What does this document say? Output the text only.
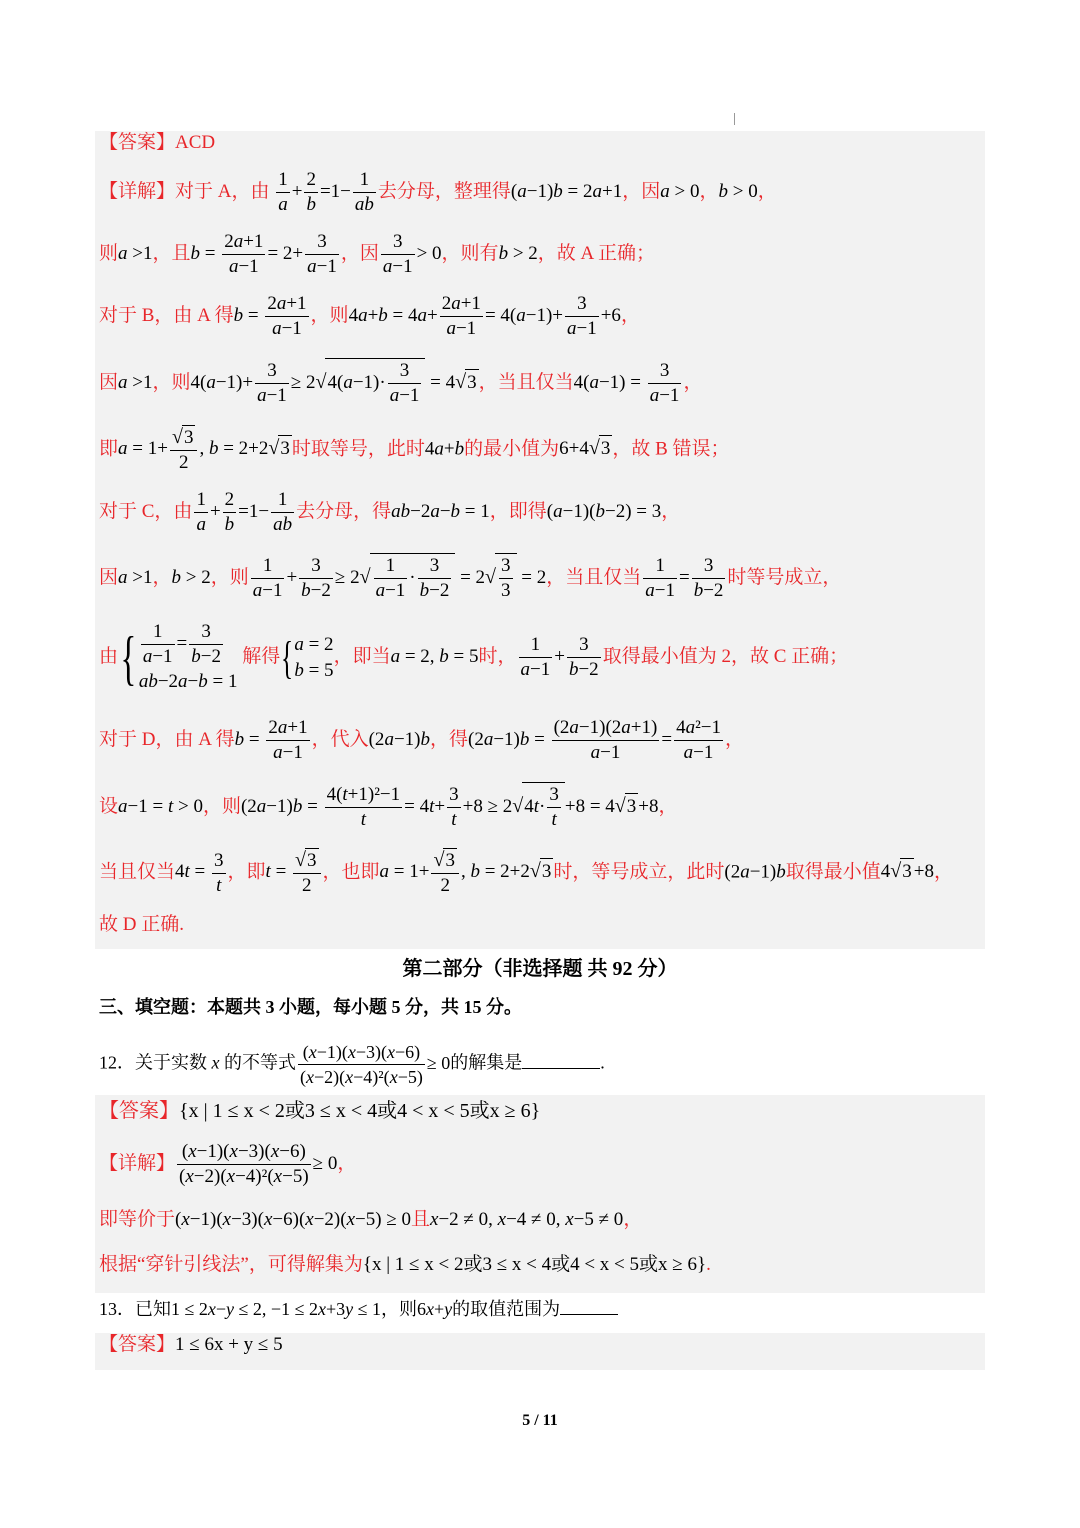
【答案】ACD
【详解】对于 A，由 $\frac{1}{a} + \frac{2}{b} =1- \frac{1}{ab}$ 去分母，整理得(a−1)b = 2a+1，因a > 0，b > 0，
则a >1，且$b = \frac{2a+1}{a-1} = 2+ \frac{3}{a-1}$ ，因 $\frac{3}{a-1} > 0$，则有b > 2，故 A 正确；
对于 B，由 A 得$b = \frac{2a+1}{a-1}$ ，则$4a+b = 4a+ \frac{2a+1}{a-1} = 4(a-1)+ \frac{3}{a-1} +6$，
因a >1，则$4(a-1)+ \frac{3}{a-1} \ge 2√4(a-1)\cdot \frac{3}{a-1} = 4√3$ ，当且仅当$4(a-1) = \frac{3}{a-1}$ ，
即$a = 1+ \frac{√3}{2}$ , b = 2+2√3 时取等号，此时4a+b的最小值为6+4√3 ，故 B 错误；
对于 C，由 $\frac{1}{a} + \frac{2}{b} =1- \frac{1}{ab}$ 去分母，得ab−2a−b = 1，即得(a−1)(b−2) = 3，
因a >1，b > 2，则 $\frac{1}{a-1} + \frac{3}{b-2} \ge 2√ \frac{1}{a-1} \cdot \frac{3}{b-2} = 2√ \frac{3}{3} = 2$，当且仅当 $\frac{1}{a-1} = \frac{3}{b-2}$ 时等号成立，
由{ $\frac{1}{a-1} = \frac{3}{b-2}$
ab−2a−b = 1
解得{ a = 2
b = 5
，即当a = 2, b = 5时， $\frac{1}{a-1} + \frac{3}{b-2}$ 取得最小值为 2，故 C 正确；
对于 D，由 A 得$b = \frac{2a+1}{a-1}$ ，代入(2a−1)b，得$(2a-1)b = \frac{(2a-1)(2a+1)}{a-1} = \frac{\text{4a²−1}}{a-1}$ ，
设a−1 = t > 0，则$(2a-1)b = \frac{\text{4(t+1)²−1}}{t} = 4t+ \frac{3}{t} +8 \ge 2√4t\cdot \frac{3}{t} +8 = 4√3 +8$，
当且仅当$4t = \frac{3}{t}$ ，即$t = \frac{√3}{2}$ ，也即$a = 1+ \frac{√3}{2}$ , b = 2+2√3 时，等号成立，此时(2a−1)b取得最小值4√3 +8，
故 D 正确.
第二部分（非选择题 共 92 分）
三、填空题：本题共 3 小题，每小题 5 分，共 15 分。
12．关于实数 x 的不等式 $\frac{(x-1)(x-3)(x-6)}{\text{(x−2)(x−4)²(x−5)}} \ge 0$的解集是	.
【答案】{x | 1 ≤ x < 2或3 ≤ x < 4或4 < x < 5或x ≥ 6}
【详解】 $\frac{(x-1)(x-3)(x-6)}{\text{(x−2)(x−4)²(x−5)}} \ge 0$，
即等价于(x−1)(x−3)(x−6)(x−2)(x−5) ≥ 0且x−2 ≠ 0, x−4 ≠ 0, x−5 ≠ 0，
根据“穿针引线法”，可得解集为{x | 1 ≤ x < 2或3 ≤ x < 4或4 < x < 5或x ≥ 6}.
13．已知1 ≤ 2x−y ≤ 2, −1 ≤ 2x+3y ≤ 1，则6x+y的取值范围为
【答案】1 ≤ 6x + y ≤ 5
5 / 11
